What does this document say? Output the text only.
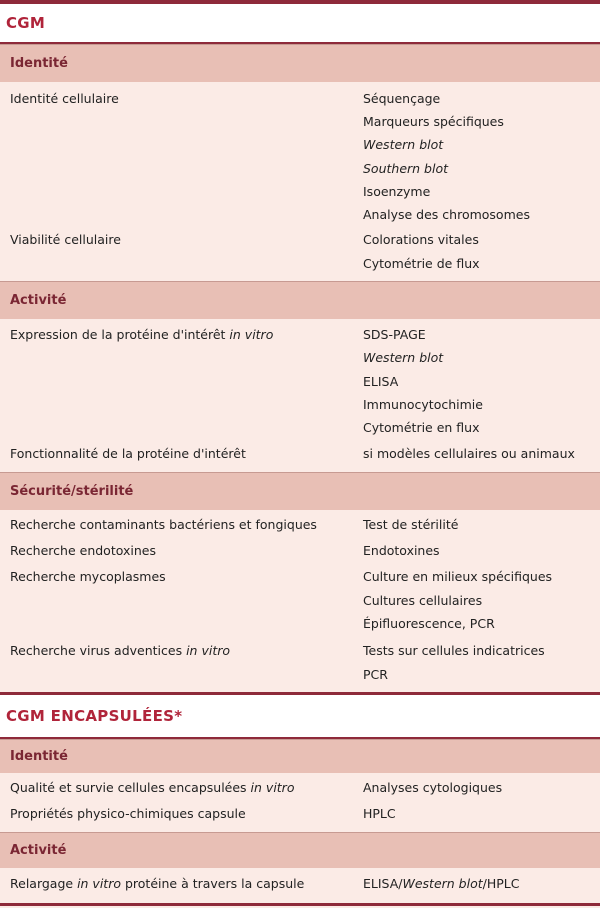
CGM
Identité
Identité cellulaire	Séquençage
Marqueurs spécifiques
Western blot
Southern blot
Isoenzyme
Analyse des chromosomes
Viabilité cellulaire	Colorations vitales
Cytométrie de flux
Activité
Expression de la protéine d'intérêt in vitro	SDS-PAGE
Western blot
ELISA
Immunocytochimie
Cytométrie en flux
Fonctionnalité de la protéine d'intérêt	si modèles cellulaires ou animaux
Sécurité/stérilité
Recherche contaminants bactériens et fongiques	Test de stérilité
Recherche endotoxines	Endotoxines
Recherche mycoplasmes	Culture en milieux spécifiques
Cultures cellulaires
Épifluorescence, PCR
Recherche virus adventices in vitro	Tests sur cellules indicatrices
PCR
CGM ENCAPSULÉES*
Identité
Qualité et survie cellules encapsulées in vitro	Analyses cytologiques
Propriétés physico-chimiques capsule	HPLC
Activité
Relargage in vitro protéine à travers la capsule	ELISA/Western blot/HPLC
